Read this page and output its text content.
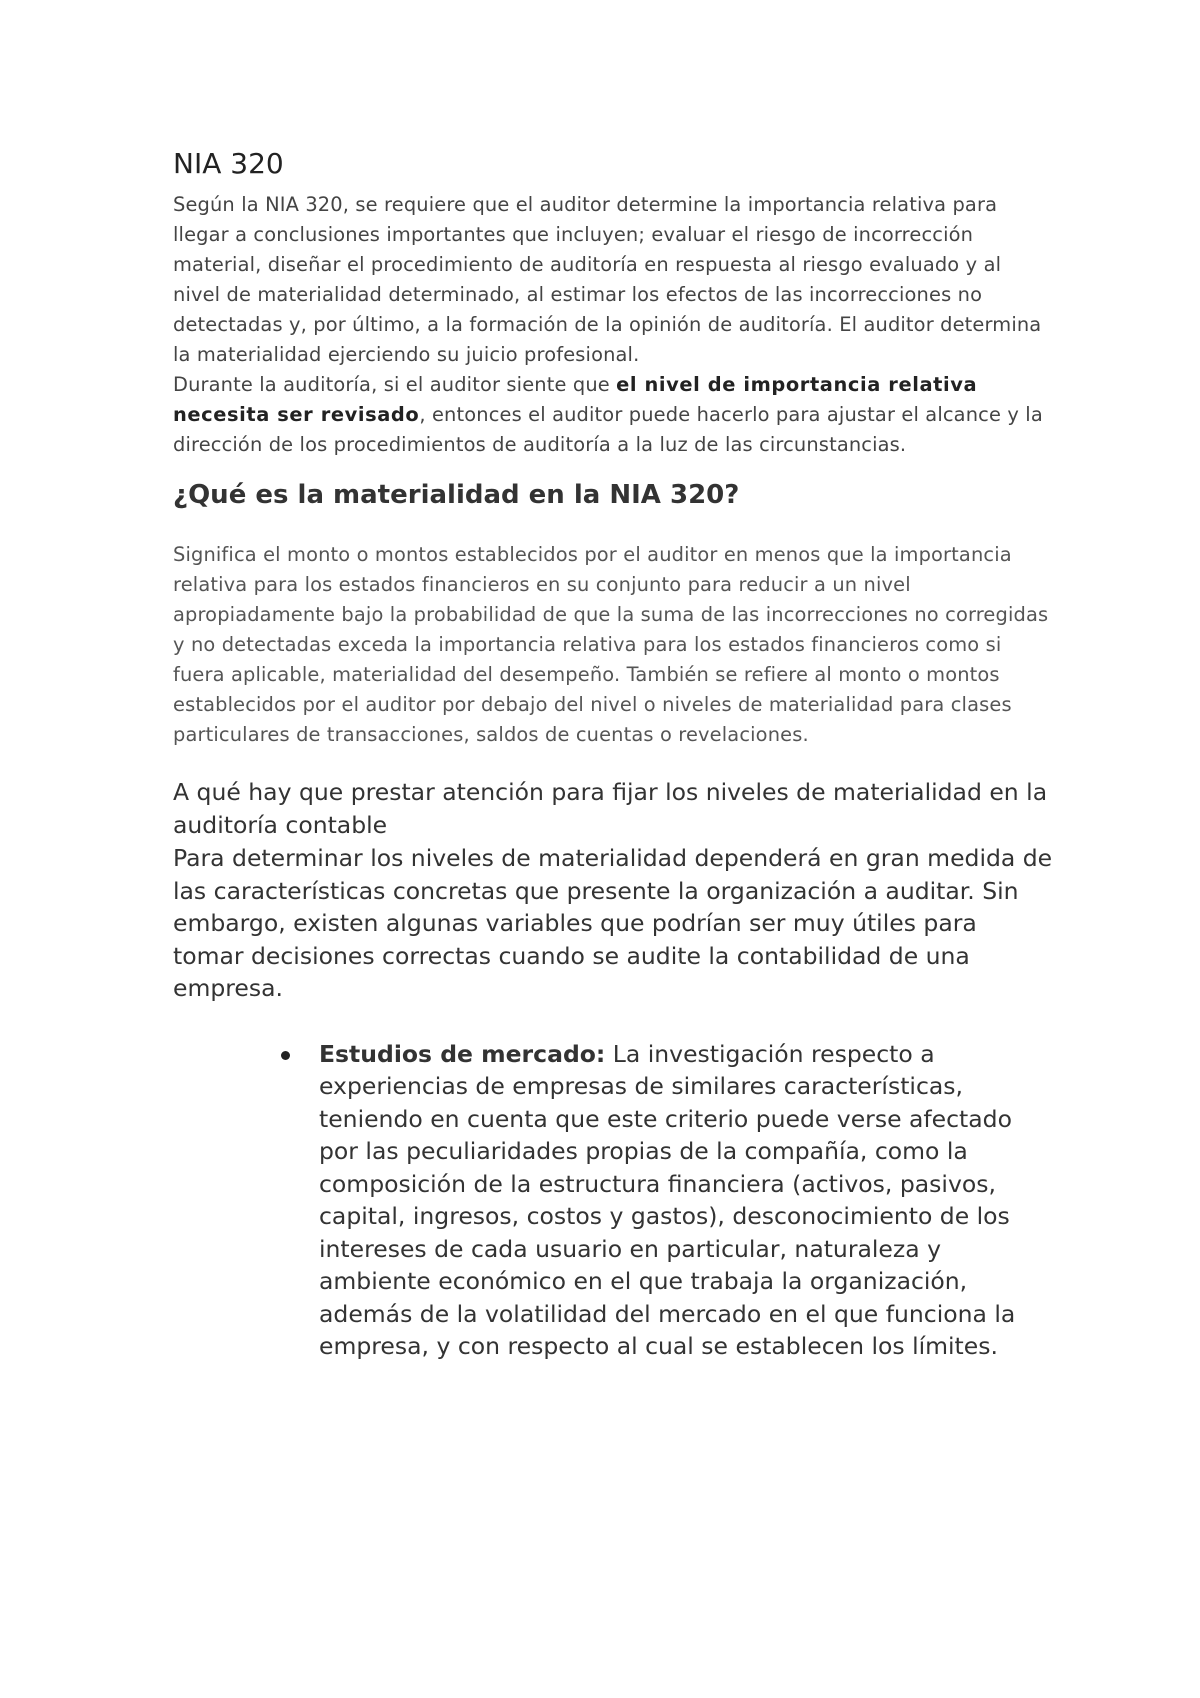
NIA 320

Según la NIA 320, se requiere que el auditor determine la importancia relativa para llegar a conclusiones importantes que incluyen; evaluar el riesgo de incorrección material, diseñar el procedimiento de auditoría en respuesta al riesgo evaluado y al nivel de materialidad determinado, al estimar los efectos de las incorrecciones no detectadas y, por último, a la formación de la opinión de auditoría. El auditor determina la materialidad ejerciendo su juicio profesional.
Durante la auditoría, si el auditor siente que el nivel de importancia relativa necesita ser revisado, entonces el auditor puede hacerlo para ajustar el alcance y la dirección de los procedimientos de auditoría a la luz de las circunstancias.

¿Qué es la materialidad en la NIA 320?

Significa el monto o montos establecidos por el auditor en menos que la importancia relativa para los estados financieros en su conjunto para reducir a un nivel apropiadamente bajo la probabilidad de que la suma de las incorrecciones no corregidas y no detectadas exceda la importancia relativa para los estados financieros como si fuera aplicable, materialidad del desempeño. También se refiere al monto o montos establecidos por el auditor por debajo del nivel o niveles de materialidad para clases particulares de transacciones, saldos de cuentas o revelaciones.

A qué hay que prestar atención para fijar los niveles de materialidad en la auditoría contable

Para determinar los niveles de materialidad dependerá en gran medida de las características concretas que presente la organización a auditar. Sin embargo, existen algunas variables que podrían ser muy útiles para tomar decisiones correctas cuando se audite la contabilidad de una empresa.

Estudios de mercado: La investigación respecto a experiencias de empresas de similares características, teniendo en cuenta que este criterio puede verse afectado por las peculiaridades propias de la compañía, como la composición de la estructura financiera (activos, pasivos, capital, ingresos, costos y gastos), desconocimiento de los intereses de cada usuario en particular, naturaleza y ambiente económico en el que trabaja la organización, además de la volatilidad del mercado en el que funciona la empresa, y con respecto al cual se establecen los límites.
